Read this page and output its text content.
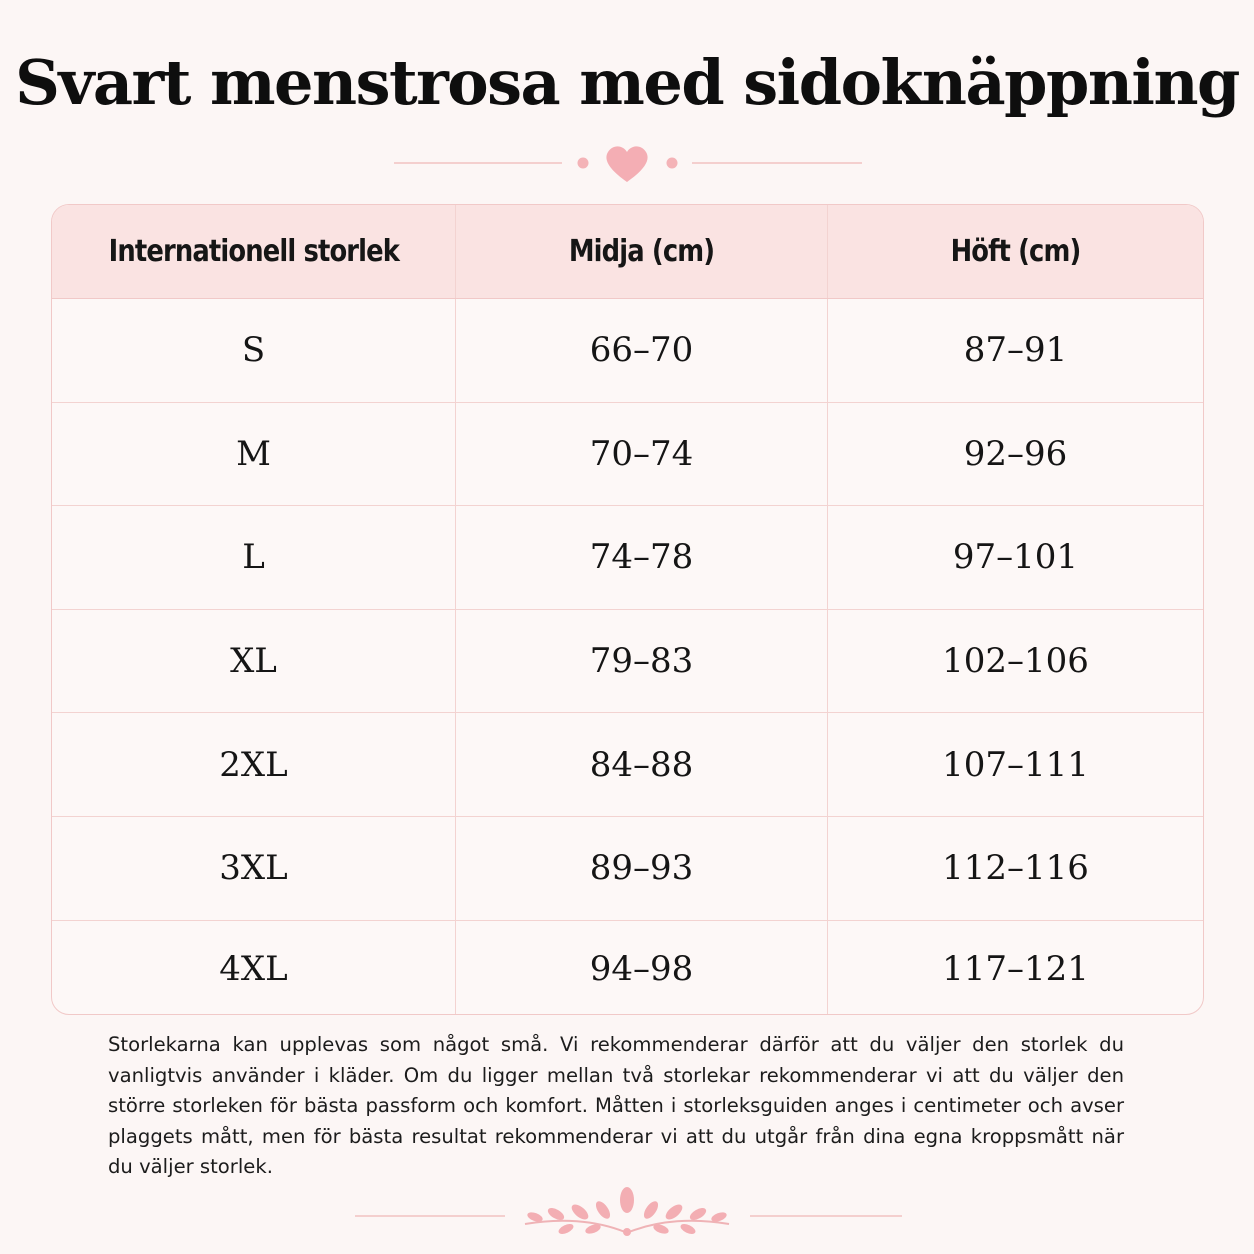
Svart menstrosa med sidoknäppning
Internationell storlek	Midja (cm)	Höft (cm)
S	66–70	87–91
M	70–74	92–96
L	74–78	97–101
XL	79–83	102–106
2XL	84–88	107–111
3XL	89–93	112–116
4XL	94–98	117–121

Storlekarna kan upplevas som något små. Vi rekommenderar därför att du väljer den storlek du vanligtvis använder i kläder. Om du ligger mellan två storlekar rekommenderar vi att du väljer den större storleken för bästa passform och komfort. Måtten i storleksguiden anges i centimeter och avser plaggets mått, men för bästa resultat rekommenderar vi att du utgår från dina egna kroppsmått när du väljer storlek.
